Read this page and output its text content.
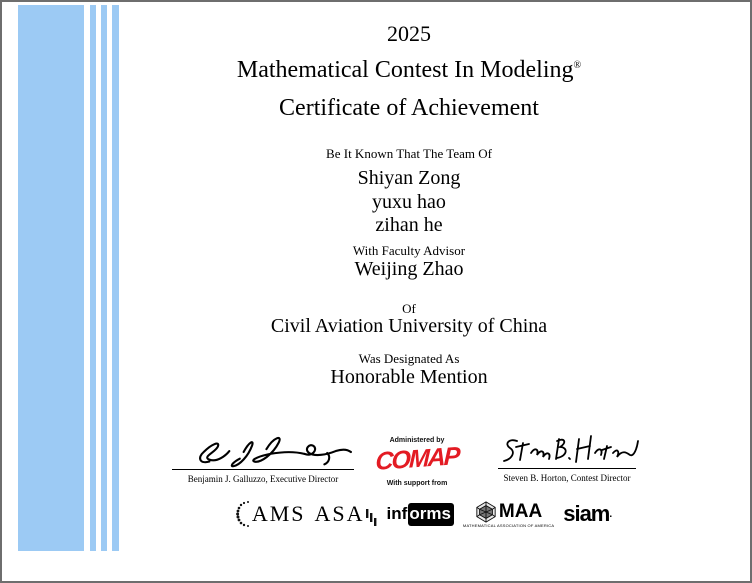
2025
Mathematical Contest In Modeling®
Certificate of Achievement
Be It Known That The Team Of
Shiyan Zong
yuxu hao
zihan he
With Faculty Advisor
Weijing Zhao
Of
Civil Aviation University of China
Was Designated As
Honorable Mention
Benjamin J. Galluzzo, Executive Director
Administered by
COMAP
With support from
Steven B. Horton, Contest Director
AMS ASA inf orms	MAA
MATHEMATICAL ASSOCIATION OF AMERICA siam .
